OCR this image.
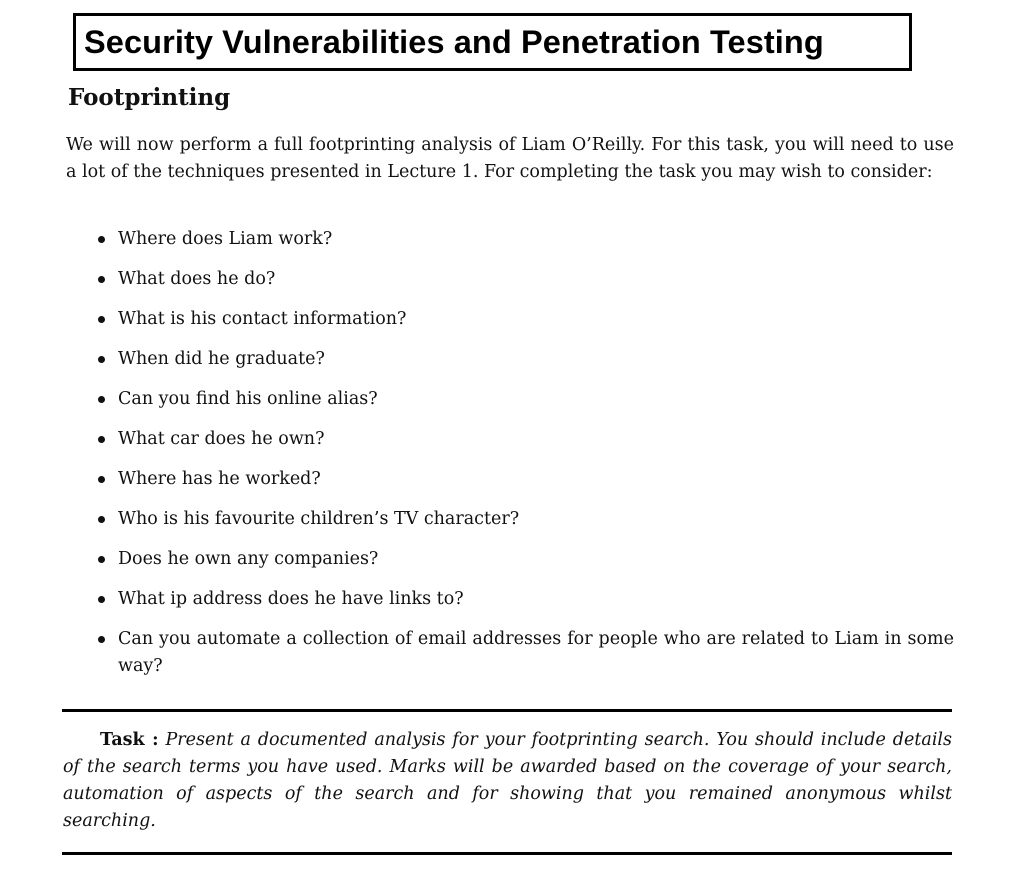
Security Vulnerabilities and Penetration Testing
Footprinting

We will now perform a full footprinting analysis of Liam O’Reilly. For this task, you will need to use a lot of the techniques presented in Lecture 1. For completing the task you may wish to consider:

Where does Liam work?
What does he do?
What is his contact information?
When did he graduate?
Can you find his online alias?
What car does he own?
Where has he worked?
Who is his favourite children’s TV character?
Does he own any companies?
What ip address does he have links to?
Can you automate a collection of email addresses for people who are related to Liam in some way?

Task : Present a documented analysis for your footprinting search. You should include details of the search terms you have used. Marks will be awarded based on the coverage of your search, automation of aspects of the search and for showing that you remained anonymous whilst searching.
